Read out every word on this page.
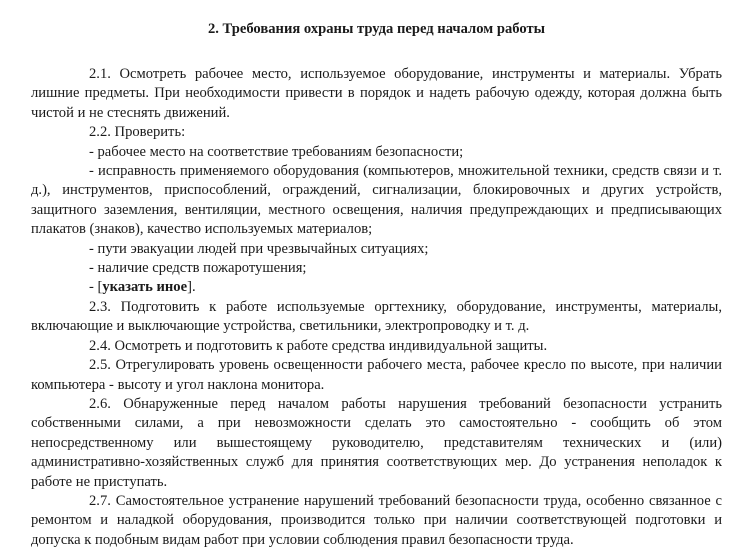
2. Требования охраны труда перед началом работы

2.1. Осмотреть рабочее место, используемое оборудование, инструменты и материалы. Убрать лишние предметы. При необходимости привести в порядок и надеть рабочую одежду, которая должна быть чистой и не стеснять движений.

2.2. Проверить:

- рабочее место на соответствие требованиям безопасности;

- исправность применяемого оборудования (компьютеров, множительной техники, средств связи и т. д.), инструментов, приспособлений, ограждений, сигнализации, блокировочных и других устройств, защитного заземления, вентиляции, местного освещения, наличия предупреждающих и предписывающих плакатов (знаков), качество используемых материалов;

- пути эвакуации людей при чрезвычайных ситуациях;

- наличие средств пожаротушения;

- [указать иное].

2.3. Подготовить к работе используемые оргтехнику, оборудование, инструменты, материалы, включающие и выключающие устройства, светильники, электропроводку и т. д.

2.4. Осмотреть и подготовить к работе средства индивидуальной защиты.

2.5. Отрегулировать уровень освещенности рабочего места, рабочее кресло по высоте, при наличии компьютера - высоту и угол наклона монитора.

2.6. Обнаруженные перед началом работы нарушения требований безопасности устранить собственными силами, а при невозможности сделать это самостоятельно - сообщить об этом непосредственному или вышестоящему руководителю, представителям технических и (или) административно-хозяйственных служб для принятия соответствующих мер. До устранения неполадок к работе не приступать.

2.7. Самостоятельное устранение нарушений требований безопасности труда, особенно связанное с ремонтом и наладкой оборудования, производится только при наличии соответствующей подготовки и допуска к подобным видам работ при условии соблюдения правил безопасности труда.
